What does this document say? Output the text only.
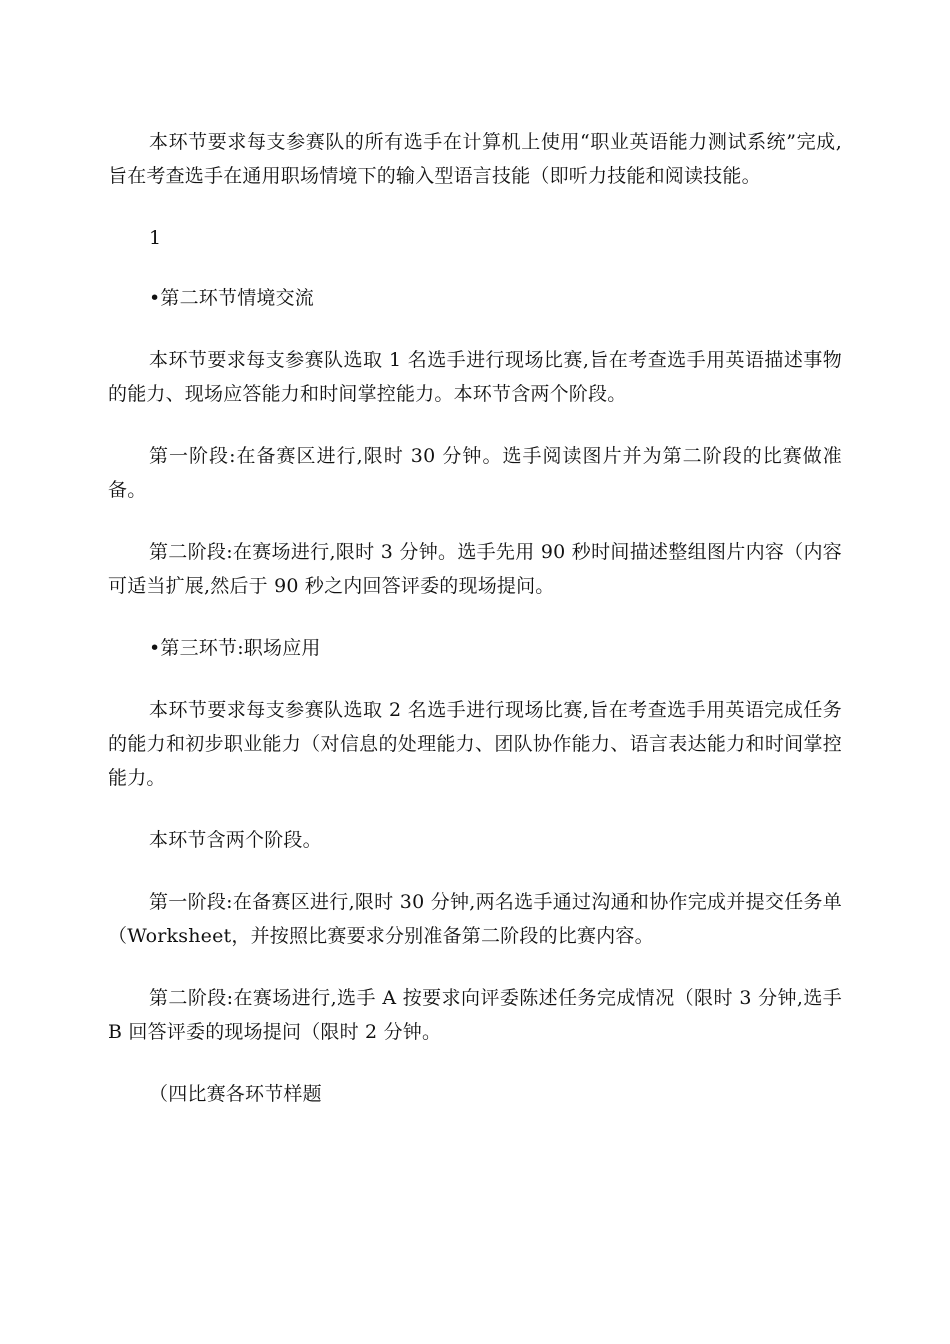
本环节要求每支参赛队的所有选手在计算机上使用“职业英语能力测试系统”完成,旨在考查选手在通用职场情境下的输入型语言技能（即听力技能和阅读技能。

1

•第二环节情境交流

本环节要求每支参赛队选取 1 名选手进行现场比赛,旨在考查选手用英语描述事物的能力、现场应答能力和时间掌控能力。本环节含两个阶段。

第一阶段:在备赛区进行,限时 30 分钟。选手阅读图片并为第二阶段的比赛做准备。

第二阶段:在赛场进行,限时 3 分钟。选手先用 90 秒时间描述整组图片内容（内容可适当扩展,然后于 90 秒之内回答评委的现场提问。

•第三环节:职场应用

本环节要求每支参赛队选取 2 名选手进行现场比赛,旨在考查选手用英语完成任务的能力和初步职业能力（对信息的处理能力、团队协作能力、语言表达能力和时间掌控能力。

本环节含两个阶段。

第一阶段:在备赛区进行,限时 30 分钟,两名选手通过沟通和协作完成并提交任务单（Worksheet，并按照比赛要求分别准备第二阶段的比赛内容。

第二阶段:在赛场进行,选手 A 按要求向评委陈述任务完成情况（限时 3 分钟,选手 B 回答评委的现场提问（限时 2 分钟。

（四比赛各环节样题
